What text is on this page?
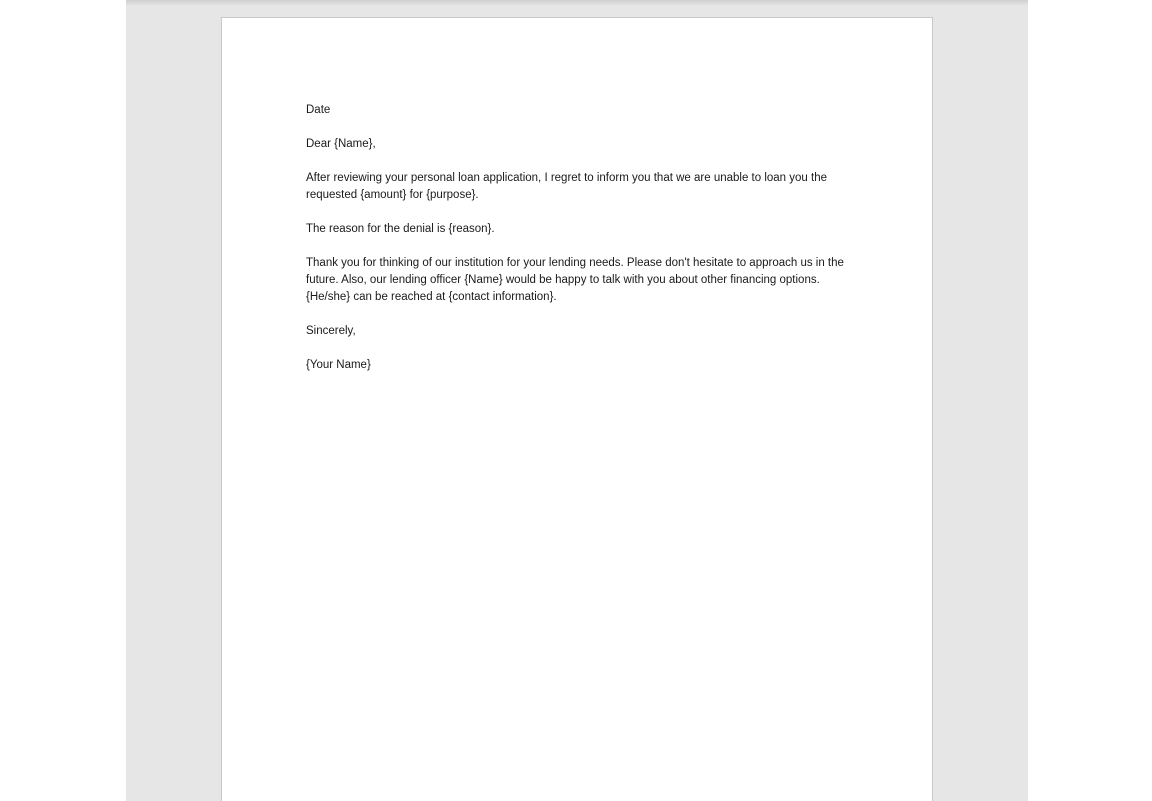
Date

Dear {Name},

After reviewing your personal loan application, I regret to inform you that we are unable to loan you the requested {amount} for {purpose}.

The reason for the denial is {reason}.

Thank you for thinking of our institution for your lending needs. Please don't hesitate to approach us in the future. Also, our lending officer {Name} would be happy to talk with you about other financing options. {He/she} can be reached at {contact information}.

Sincerely,

{Your Name}
